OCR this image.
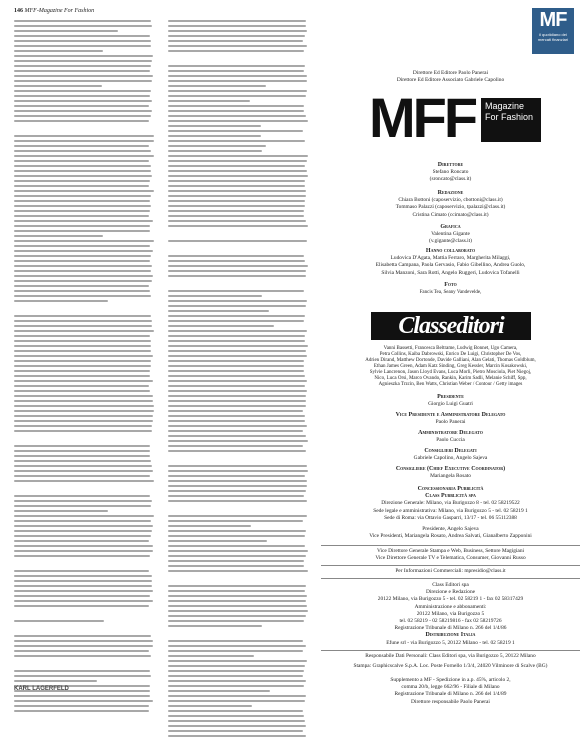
146 MFF-Magazine For Fashion
KARL LAGERFELD
MF
il quotidiano dei mercati finanziari
Direttore Ed Editore Paolo Panerai
Direttore Ed Editore Associato Gabriele Capolino
MFF	Magazine For Fashion
Direttore
Stefano Roncato
(sroncato@class.it)
Redazione
Chiara Bottoni (caposervizio, cbottoni@class.it)
Tommaso Palazzi (caposervizio, tpalazzi@class.it)
Cristina Cimato (ccimato@class.it)
Grafica
Valentina Gigante
(v.gigante@class.it)
Hanno collaborato
Ludovica D'Agata, Mattia Ferraro, Margherita Milaggi,
Elisabetta Campana, Paola Gervasio, Fabio Gibellino, Andrea Guolo,
Silvia Manzoni, Sara Rotti, Angelo Ruggeri, Ludovica Tofanelli
Foto
Fancis Tea, Seany Vandevelde,
Classeditori
Vanni Bassetti, Francesca Beltrame, Ludwig Bonnet, Ugo Camera,
Petra Collins, Kaiba Dabrowski, Enrico De Luigi, Christopher De Vos,
Adrien Dirand, Matthew Dortonde, Davide Galliani, Alan Gelati, Thomas Goldblum,
Ethan James Green, Adam Katz Sinding, Greg Kessler, Marcin Kosakowski,
Sylvie Lancrenon, Jason Lloyd Evans, Luca Morli, Pietro Mosciola, Piet Niegoj,
Nico, Luca Orsi, Marco Ovando, Rankin, Karim Sadli, Melanie Schiff, Spp,
Agnieszka Trzcin, Ben Watts, Christian Weber / Contour / Getty images
Presidente
Giorgio Luigi Guatri
Vice Presidente e Amministratore Delegato
Paolo Panerai
Amministratore Delegato
Paolo Cuccia
Consiglieri Delegati
Gabriele Capolino, Angelo Sajeva
Consigliere (Chief Executive Coordinator)
Mariangela Rosato
Concessionaria Pubblicità
Class Pubblicità spa
Direzione Generale: Milano, via Burigozzo 8 - tel. 02 58219522
Sede legale e amministrativa: Milano, via Burigozzo 5 - tel. 02 58219 1
Sede di Roma: via Ottavio Gasparri, 13/17 - tel. 06 55112388
Presidente, Angelo Sajeva
Vice Presidenti, Mariangela Rosato, Andrea Salvati, Gianalberto Zapponini
Vice Direttore Generale Stampa e Web, Business, Settore Magigiani
Vice Direttore Generale TV e Telematica, Consumer, Giovanni Russo
Per Informazioni Commerciali: mpresidio@class.it
Class Editori spa
Direzione e Redazione
20122 Milano, via Burigozzo 5 - tel. 02 58219 1 - fax 02 58317429
Amministrazione e abbonamenti:
20122 Milano, via Burigozzo 5
tel. 02 58219 - 02 58219816 - fax 02 58219726
Registrazione Tribunale di Milano n. 266 del 1/4/86
Distribuzione Italia
Efune srl - via Burigozzo 5, 20122 Milano - tel. 02 58219 1
Responsabile Dati Personali: Class Editori spa, via Burigozzo 5, 20122 Milano
Stampa: Graphicscalve S.p.A. Loc. Poste Fornello 1/3/4, 24020 Vilminore di Scalve (BG)
Supplemento a MF - Spedizione in a.p. 45%, articolo 2,
comma 20/b, legge 662/96 - Filiale di Milano
Registrazione Tribunale di Milano n. 266 del 1/4/89
Direttore responsabile Paolo Panerai
